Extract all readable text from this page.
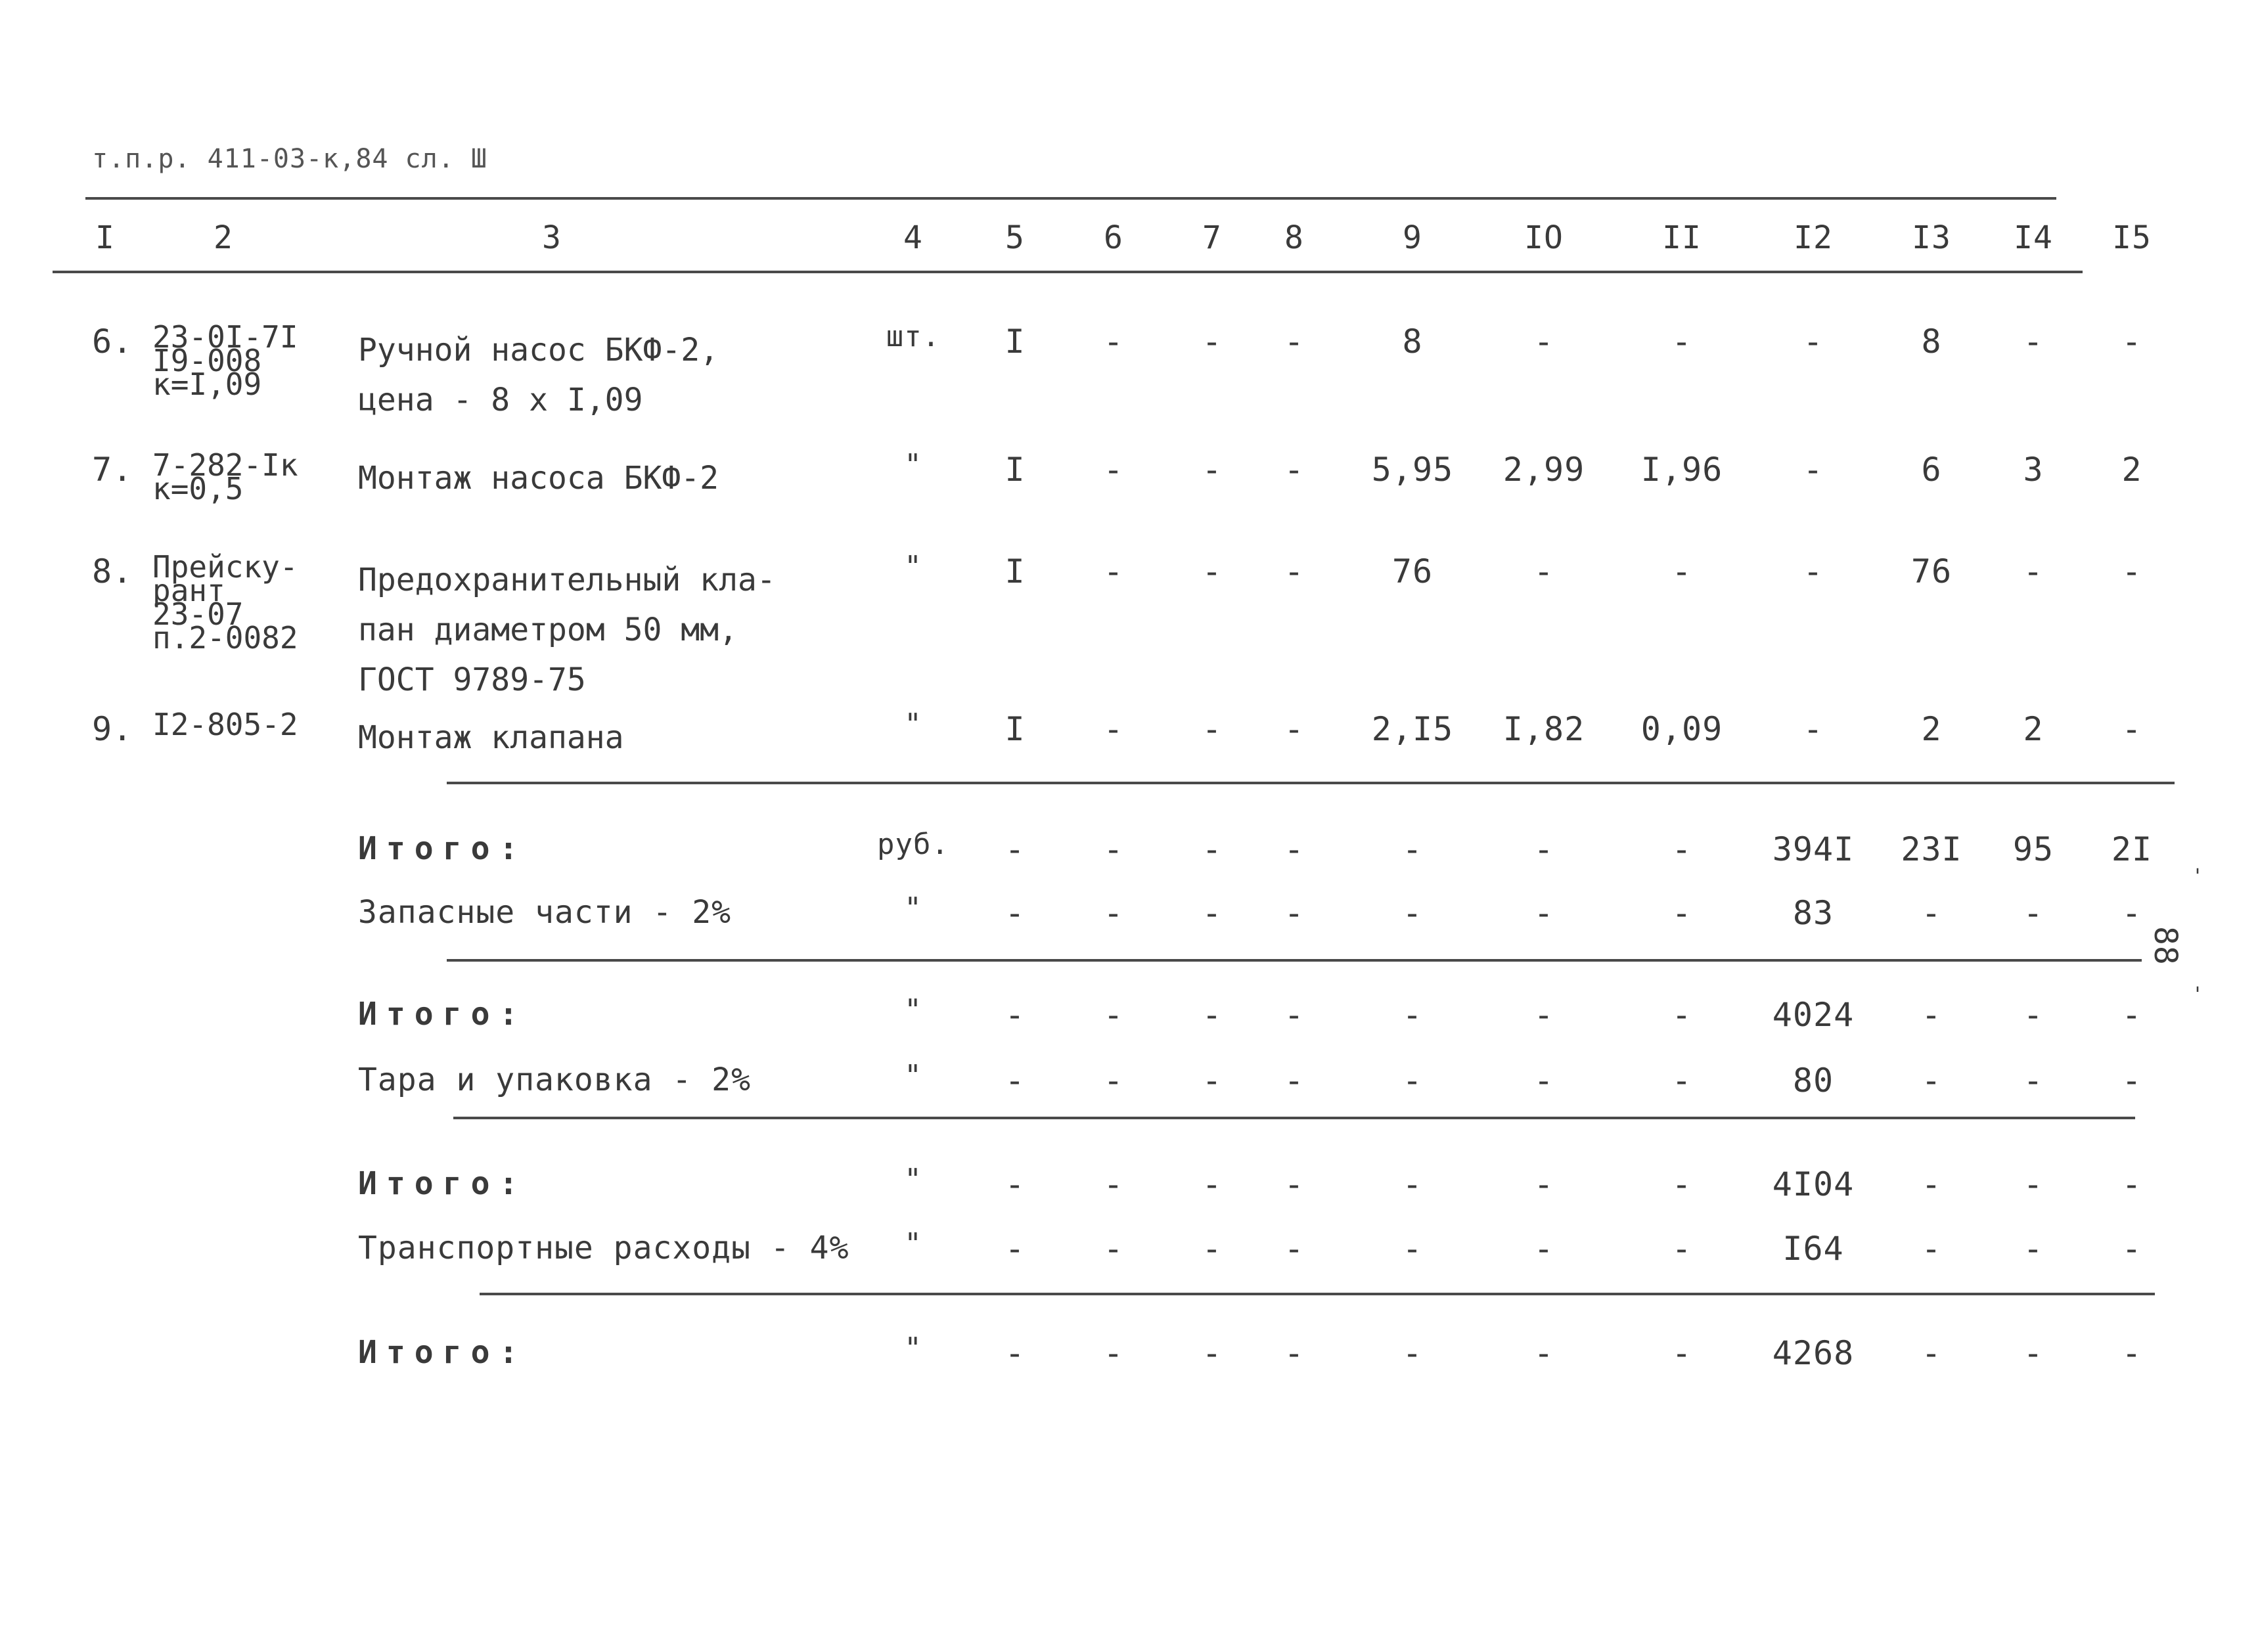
т.п.р. 411-03-к,84 сл. Ш
I	2	3	4	5	6	7 8	9	IO	II	I2	I3 I4 I5
6. 23-0I-7I
I9-008
к=I,09
Ручной насос БКФ-2,
цена - 8 х I,09
шт. I - - -	8	-	-	-	8 - -
7. 7-282-Iк
к=0,5	Монтаж насоса БКФ-2	"	I - - - 5,95 2,99 I,96 -	6 3 2
8. Прейску-
рант
23-07
п.2-0082
Предохранительный кла-
пан диаметром 50 мм,
ГОСТ 9789-75
"	I - - -	76	-	-	-	76 - -
9. I2-805-2 Монтаж клапана	"	I - - - 2,I5 I,82 0,09 -	2 2 -
Итого:	руб. - - - -	-	-	- 394I 23I 95 2I
Запасные части - 2%	"	- - - -	-	-	-	83	- - -
Итого:	"	- - - -	-	-	- 4024 - - -
Тара и упаковка - 2%	"	- - - -	-	-	-	80	- - -
Итого:	"	- - - -	-	-	- 4I04 - - -
Транспортные расходы - 4% "	- - - -	-	-	-	I64 - - -
Итого:	"	- - - -	-	-	- 4268 - - -
88
'
'
